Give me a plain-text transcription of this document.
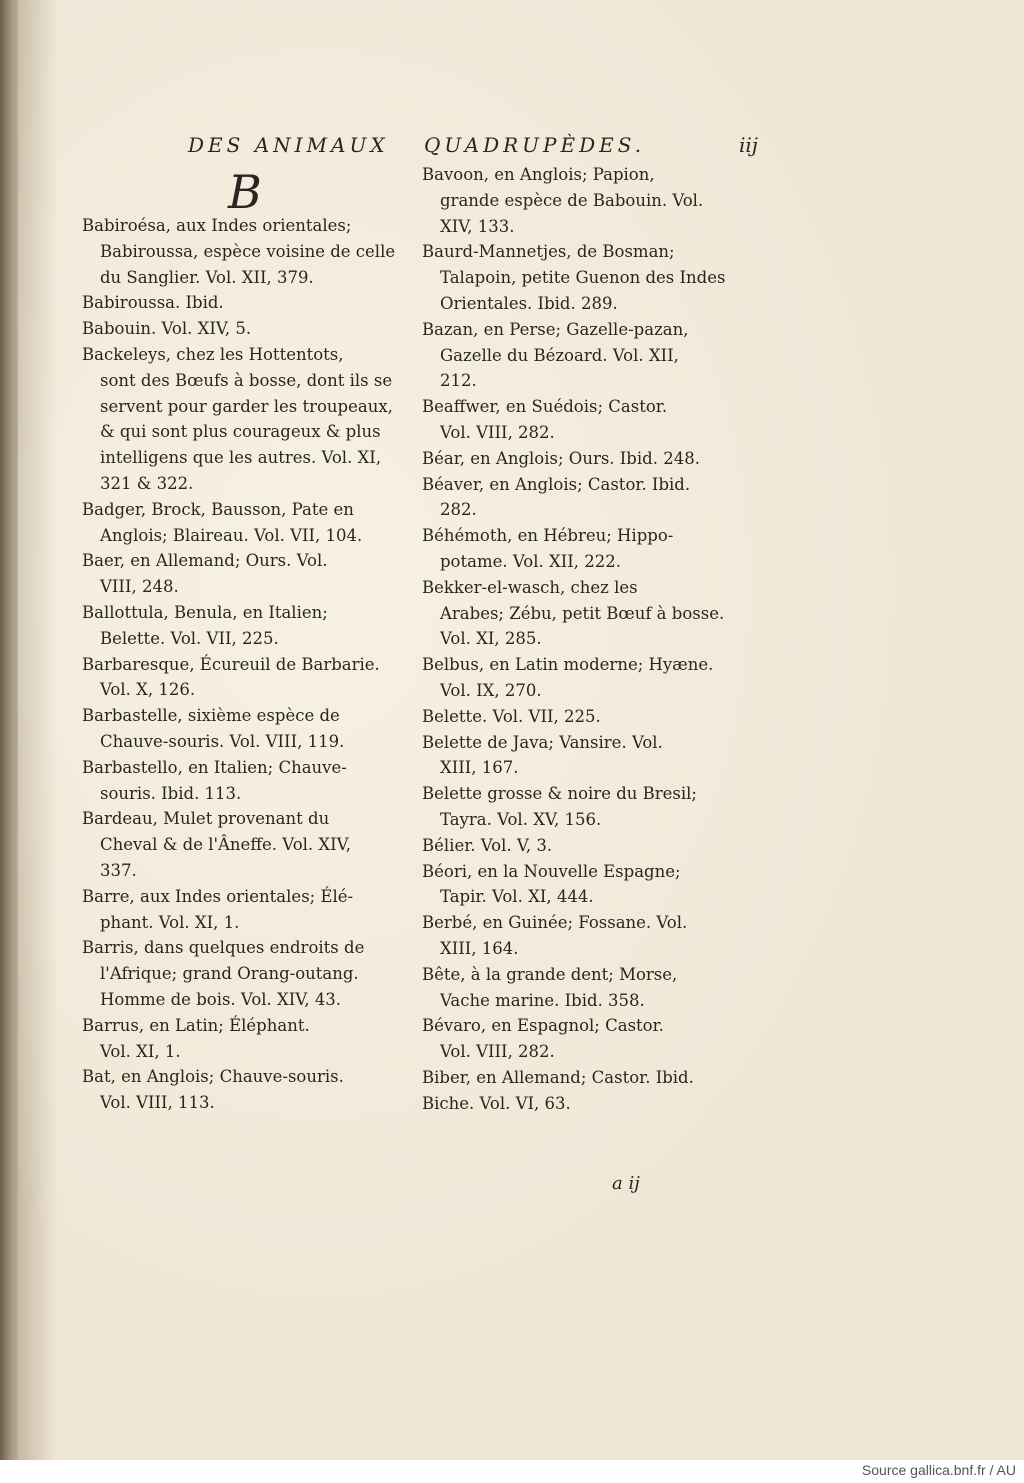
DES ANIMAUX QUADRUPÈDES.	iij
B
Babiroésa, aux Indes orientales;
Babiroussa, espèce voisine de celle
du Sanglier. Vol. XII, 379.
Babiroussa. Ibid.
Babouin. Vol. XIV, 5.
Backeleys, chez les Hottentots,
sont des Bœufs à bosse, dont ils se
servent pour garder les troupeaux,
& qui sont plus courageux & plus
intelligens que les autres. Vol. XI,
321 & 322.
Badger, Brock, Bausson, Pate en
Anglois; Blaireau. Vol. VII, 104.
Baer, en Allemand; Ours. Vol.
VIII, 248.
Ballottula, Benula, en Italien;
Belette. Vol. VII, 225.
Barbaresque, Écureuil de Barbarie.
Vol. X, 126.
Barbastelle, sixième espèce de
Chauve-souris. Vol. VIII, 119.
Barbastello, en Italien; Chauve-
souris. Ibid. 113.
Bardeau, Mulet provenant du
Cheval & de l'Âneffe. Vol. XIV,
337.
Barre, aux Indes orientales; Élé-
phant. Vol. XI, 1.
Barris, dans quelques endroits de
l'Afrique; grand Orang-outang.
Homme de bois. Vol. XIV, 43.
Barrus, en Latin; Éléphant.
Vol. XI, 1.
Bat, en Anglois; Chauve-souris.
Vol. VIII, 113.
Bavoon, en Anglois; Papion,
grande espèce de Babouin. Vol.
XIV, 133.
Baurd-Mannetjes, de Bosman;
Talapoin, petite Guenon des Indes
Orientales. Ibid. 289.
Bazan, en Perse; Gazelle-pazan,
Gazelle du Bézoard. Vol. XII,
212.
Beaffwer, en Suédois; Castor.
Vol. VIII, 282.
Béar, en Anglois; Ours. Ibid. 248.
Béaver, en Anglois; Castor. Ibid.
282.
Béhémoth, en Hébreu; Hippo-
potame. Vol. XII, 222.
Bekker-el-wasch, chez les
Arabes; Zébu, petit Bœuf à bosse.
Vol. XI, 285.
Belbus, en Latin moderne; Hyæne.
Vol. IX, 270.
Belette. Vol. VII, 225.
Belette de Java; Vansire. Vol.
XIII, 167.
Belette grosse & noire du Bresil;
Tayra. Vol. XV, 156.
Bélier. Vol. V, 3.
Béori, en la Nouvelle Espagne;
Tapir. Vol. XI, 444.
Berbé, en Guinée; Fossane. Vol.
XIII, 164.
Bête, à la grande dent; Morse,
Vache marine. Ibid. 358.
Bévaro, en Espagnol; Castor.
Vol. VIII, 282.
Biber, en Allemand; Castor. Ibid.
Biche. Vol. VI, 63.
a ij
Source gallica.bnf.fr / AU
